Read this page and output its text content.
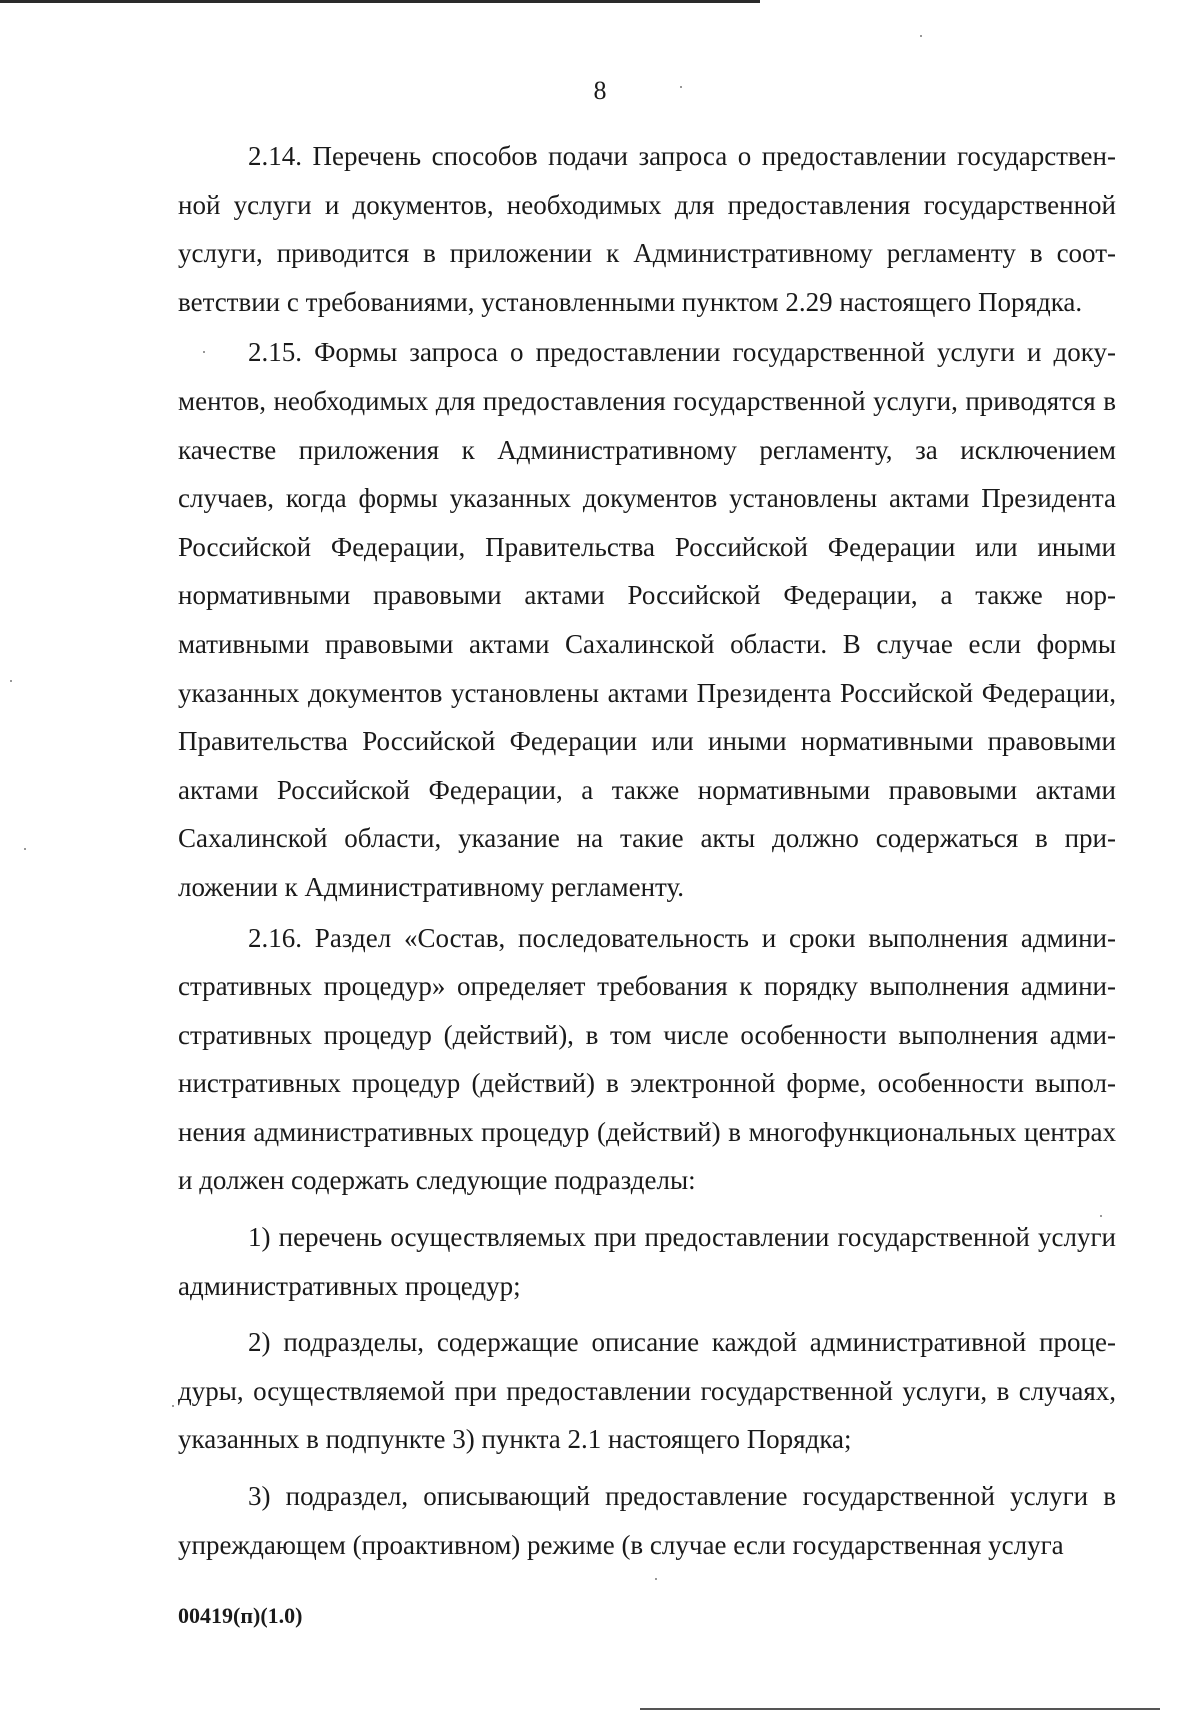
8

2.14. Перечень способов подачи запроса о предоставлении государственной услуги и документов, необходимых для предоставления государственной услуги, приводится в приложении к Административному регламенту в соответствии с требованиями, установленными пунктом 2.29 настоящего Порядка.

2.15. Формы запроса о предоставлении государственной услуги и документов, необходимых для предоставления государственной услуги, приводятся в качестве приложения к Административному регламенту, за исключением случаев, когда формы указанных документов установлены актами Президента Российской Федерации, Правительства Российской Федерации или иными нормативными правовыми актами Российской Федерации, а также нормативными правовыми актами Сахалинской области. В случае если формы указанных документов установлены актами Президента Российской Федерации, Правительства Российской Федерации или иными нормативными правовыми актами Российской Федерации, а также нормативными правовыми актами Сахалинской области, указание на такие акты должно содержаться в приложении к Административному регламенту.

2.16. Раздел «Состав, последовательность и сроки выполнения административных процедур» определяет требования к порядку выполнения административных процедур (действий), в том числе особенности выполнения административных процедур (действий) в электронной форме, особенности выполнения административных процедур (действий) в многофункциональных центрах и должен содержать следующие подразделы:

1) перечень осуществляемых при предоставлении государственной услуги административных процедур;

2) подразделы, содержащие описание каждой административной процедуры, осуществляемой при предоставлении государственной услуги, в случаях, указанных в подпункте 3) пункта 2.1 настоящего Порядка;

3) подраздел, описывающий предоставление государственной услуги в упреждающем (проактивном) режиме (в случае если государственная услуга

00419(п)(1.0)
